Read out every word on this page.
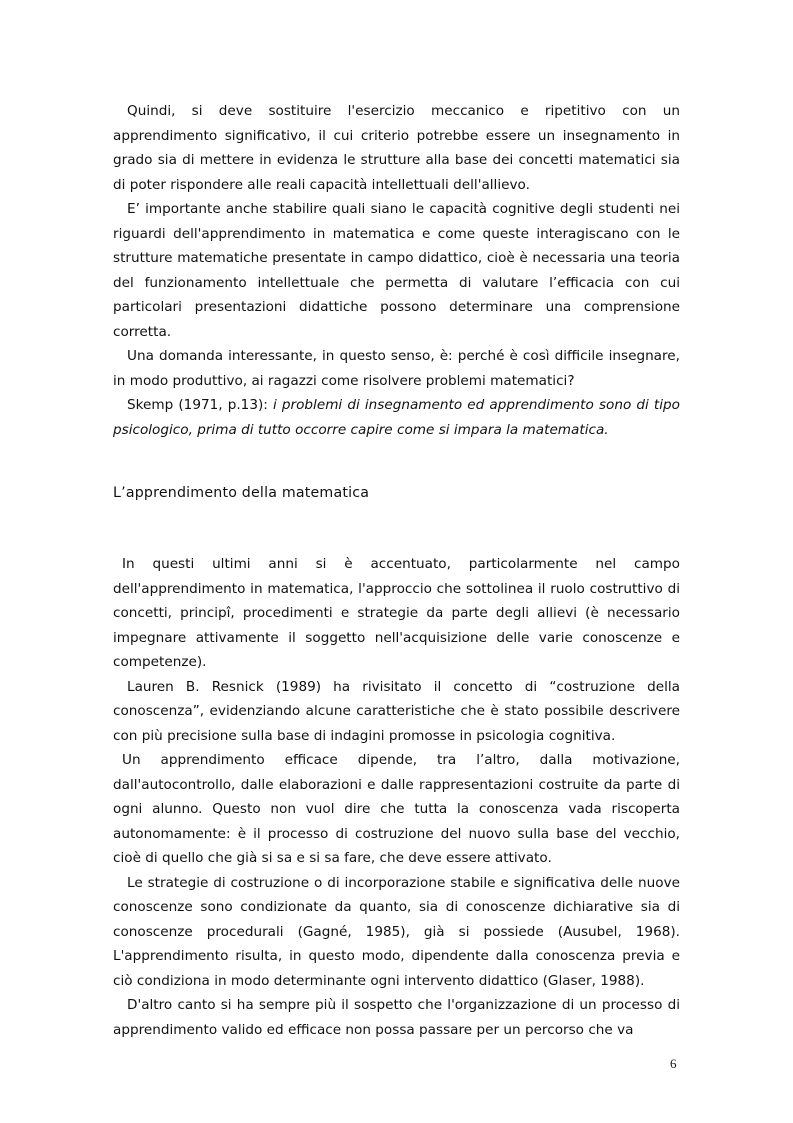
Quindi, si deve sostituire l'esercizio meccanico e ripetitivo con un apprendimento significativo, il cui criterio potrebbe essere un insegnamento in grado sia di mettere in evidenza le strutture alla base dei concetti matematici sia di poter rispondere alle reali capacità intellettuali dell'allievo.

E’ importante anche stabilire quali siano le capacità cognitive degli studenti nei riguardi dell'apprendimento in matematica e come queste interagiscano con le strutture matematiche presentate in campo didattico, cioè è necessaria una teoria del funzionamento intellettuale che permetta di valutare l’efficacia con cui particolari presentazioni didattiche possono determinare una comprensione corretta.

Una domanda interessante, in questo senso, è: perché è così difficile insegnare, in modo produttivo, ai ragazzi come risolvere problemi matematici?

Skemp (1971, p.13): i problemi di insegnamento ed apprendimento sono di tipo psicologico, prima di tutto occorre capire come si impara la matematica.

L’apprendimento della matematica

In questi ultimi anni si è accentuato, particolarmente nel campo dell'apprendimento in matematica, l'approccio che sottolinea il ruolo costruttivo di concetti, principî, procedimenti e strategie da parte degli allievi (è necessario impegnare attivamente il soggetto nell'acquisizione delle varie conoscenze e competenze).

Lauren B. Resnick (1989) ha rivisitato il concetto di “costruzione della conoscenza”, evidenziando alcune caratteristiche che è stato possibile descrivere con più precisione sulla base di indagini promosse in psicologia cognitiva.

Un apprendimento efficace dipende, tra l’altro, dalla motivazione, dall'autocontrollo, dalle elaborazioni e dalle rappresentazioni costruite da parte di ogni alunno. Questo non vuol dire che tutta la conoscenza vada riscoperta autonomamente: è il processo di costruzione del nuovo sulla base del vecchio, cioè di quello che già si sa e si sa fare, che deve essere attivato.

Le strategie di costruzione o di incorporazione stabile e significativa delle nuove conoscenze sono condizionate da quanto, sia di conoscenze dichiarative sia di conoscenze procedurali (Gagné, 1985), già si possiede (Ausubel, 1968). L'apprendimento risulta, in questo modo, dipendente dalla conoscenza previa e ciò condiziona in modo determinante ogni intervento didattico (Glaser, 1988).

D'altro canto si ha sempre più il sospetto che l'organizzazione di un processo di apprendimento valido ed efficace non possa passare per un percorso che va

6
